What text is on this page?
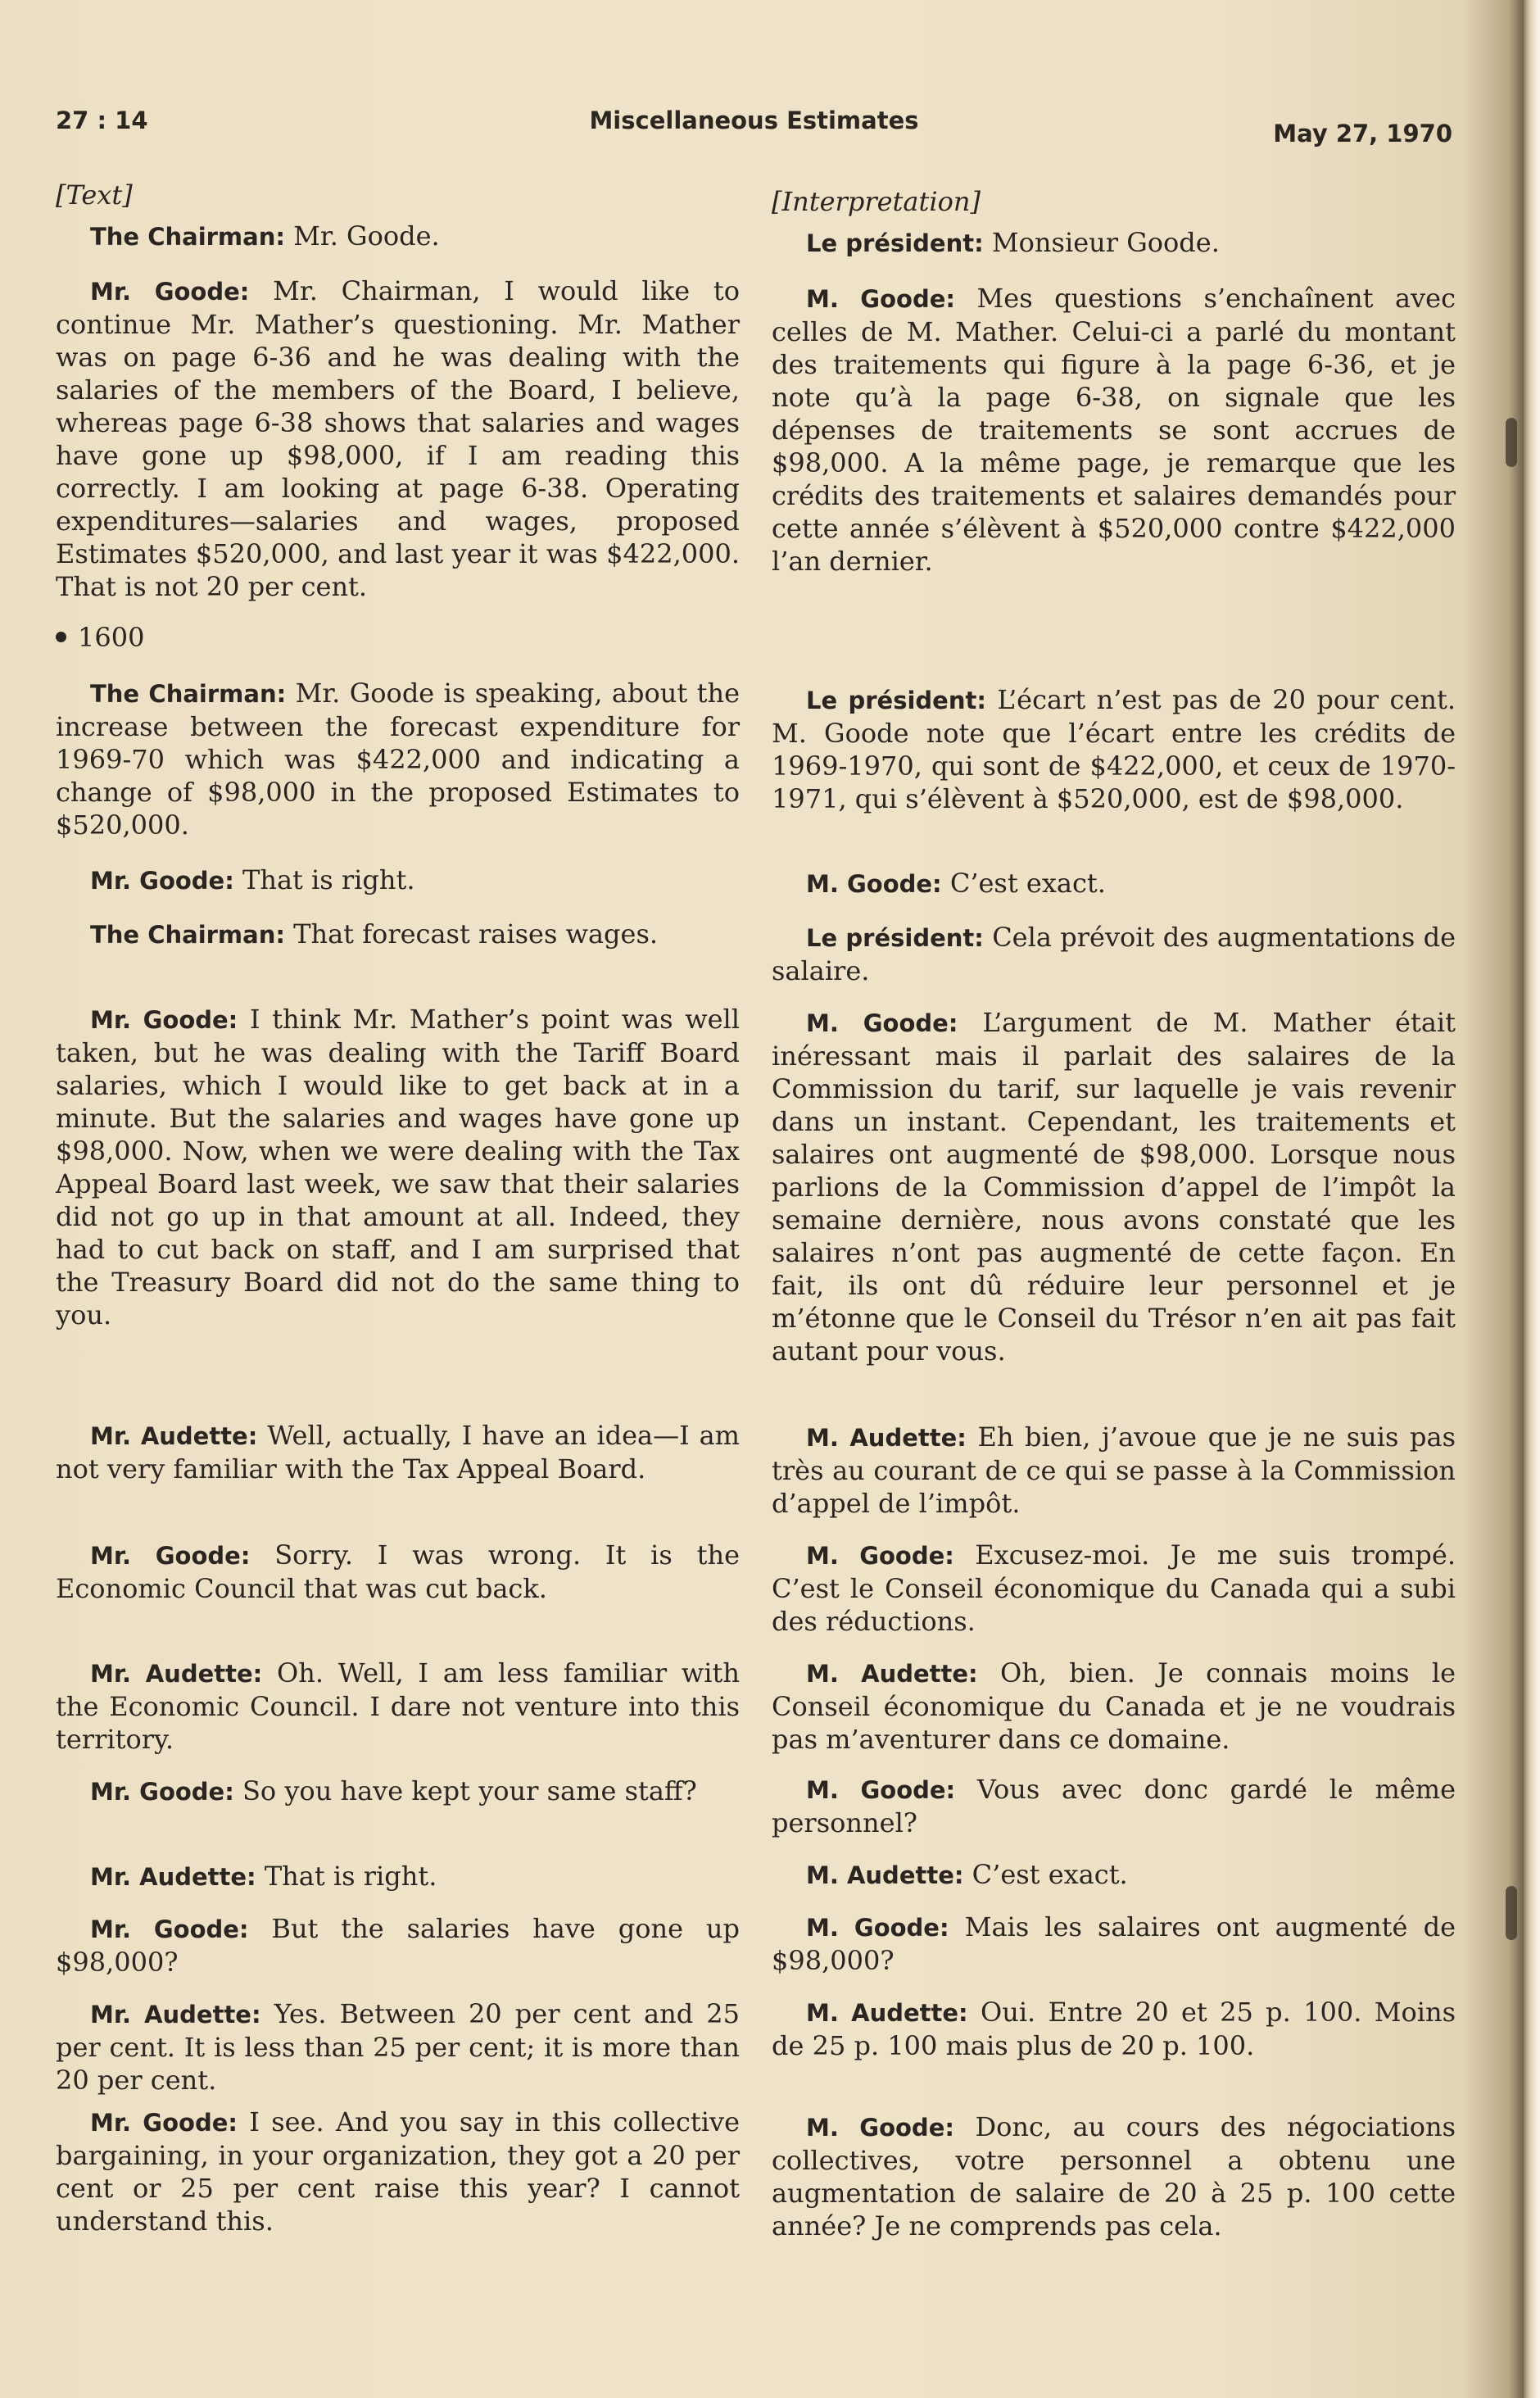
27 : 14	Miscellaneous Estimates	May 27, 1970
[Text]

The Chairman: Mr. Goode.

Mr. Goode: Mr. Chairman, I would like to continue Mr. Mather’s questioning. Mr. Mather was on page 6-36 and he was dealing with the salaries of the members of the Board, I believe, whereas page 6-38 shows that salaries and wages have gone up $98,000, if I am reading this correctly. I am looking at page 6-38. Operating expenditures—salaries and wages, proposed Estimates $520,000, and last year it was $422,000. That is not 20 per cent.

1600

The Chairman: Mr. Goode is speaking, about the increase between the forecast expenditure for 1969-70 which was $422,000 and indicating a change of $98,000 in the proposed Estimates to $520,000.

Mr. Goode: That is right.

The Chairman: That forecast raises wages.

Mr. Goode: I think Mr. Mather’s point was well taken, but he was dealing with the Tariff Board salaries, which I would like to get back at in a minute. But the salaries and wages have gone up $98,000. Now, when we were dealing with the Tax Appeal Board last week, we saw that their salaries did not go up in that amount at all. Indeed, they had to cut back on staff, and I am surprised that the Treasury Board did not do the same thing to you.

Mr. Audette: Well, actually, I have an idea—I am not very familiar with the Tax Appeal Board.

Mr. Goode: Sorry. I was wrong. It is the Economic Council that was cut back.

Mr. Audette: Oh. Well, I am less familiar with the Economic Council. I dare not venture into this territory.

Mr. Goode: So you have kept your same staff?

Mr. Audette: That is right.

Mr. Goode: But the salaries have gone up $98,000?

Mr. Audette: Yes. Between 20 per cent and 25 per cent. It is less than 25 per cent; it is more than 20 per cent.

Mr. Goode: I see. And you say in this collective bargaining, in your organization, they got a 20 per cent or 25 per cent raise this year? I cannot understand this.

[Interpretation]

Le président: Monsieur Goode.

M. Goode: Mes questions s’enchaînent avec celles de M. Mather. Celui-ci a parlé du montant des traitements qui figure à la page 6-36, et je note qu’à la page 6-38, on signale que les dépenses de traitements se sont accrues de $98,000. A la même page, je remarque que les crédits des traitements et salaires demandés pour cette année s’élèvent à $520,000 contre $422,000 l’an dernier.

Le président: L’écart n’est pas de 20 pour cent. M. Goode note que l’écart entre les crédits de 1969-1970, qui sont de $422,000, et ceux de 1970-1971, qui s’élèvent à $520,000, est de $98,000.

M. Goode: C’est exact.

Le président: Cela prévoit des augmentations de salaire.

M. Goode: L’argument de M. Mather était inéressant mais il parlait des salaires de la Commission du tarif, sur laquelle je vais revenir dans un instant. Cependant, les traitements et salaires ont augmenté de $98,000. Lorsque nous parlions de la Commission d’appel de l’impôt la semaine dernière, nous avons constaté que les salaires n’ont pas augmenté de cette façon. En fait, ils ont dû réduire leur personnel et je m’étonne que le Conseil du Trésor n’en ait pas fait autant pour vous.

M. Audette: Eh bien, j’avoue que je ne suis pas très au courant de ce qui se passe à la Commission d’appel de l’impôt.

M. Goode: Excusez-moi. Je me suis trompé. C’est le Conseil économique du Canada qui a subi des réductions.

M. Audette: Oh, bien. Je connais moins le Conseil économique du Canada et je ne voudrais pas m’aventurer dans ce domaine.

M. Goode: Vous avec donc gardé le même personnel?

M. Audette: C’est exact.

M. Goode: Mais les salaires ont augmenté de $98,000?

M. Audette: Oui. Entre 20 et 25 p. 100. Moins de 25 p. 100 mais plus de 20 p. 100.

M. Goode: Donc, au cours des négociations collectives, votre personnel a obtenu une augmentation de salaire de 20 à 25 p. 100 cette année? Je ne comprends pas cela.
